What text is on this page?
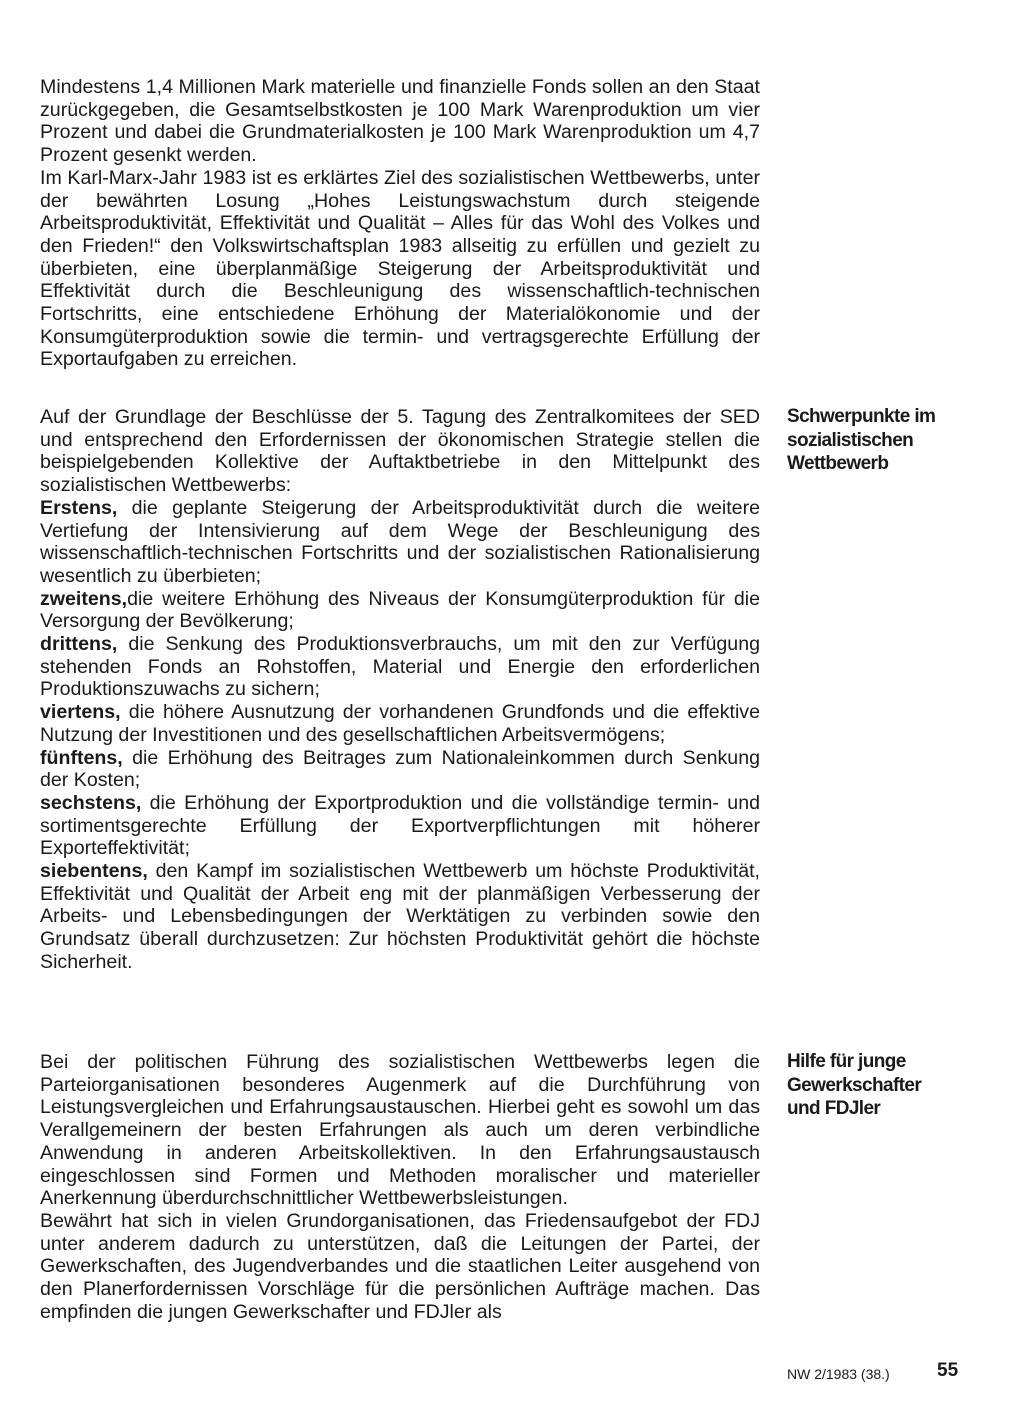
Mindestens 1,4 Millionen Mark materielle und finanzielle Fonds sollen an den Staat zurückgegeben, die Gesamtselbstkosten je 100 Mark Warenproduktion um vier Prozent und dabei die Grundmaterialkosten je 100 Mark Warenproduktion um 4,7 Prozent gesenkt werden.

Im Karl-Marx-Jahr 1983 ist es erklärtes Ziel des sozialistischen Wettbewerbs, unter der bewährten Losung „Hohes Leistungswachstum durch steigende Arbeitsproduktivität, Effektivität und Qualität – Alles für das Wohl des Volkes und den Frieden!“ den Volkswirtschaftsplan 1983 allseitig zu erfüllen und gezielt zu überbieten, eine überplanmäßige Steigerung der Arbeitsproduktivität und Effektivität durch die Beschleunigung des wissenschaftlich-technischen Fortschritts, eine entschiedene Erhöhung der Materialökonomie und der Konsumgüterproduktion sowie die termin- und vertragsgerechte Erfüllung der Exportaufgaben zu erreichen.

Auf der Grundlage der Beschlüsse der 5. Tagung des Zentralkomitees der SED und entsprechend den Erfordernissen der ökonomischen Strategie stellen die beispielgebenden Kollektive der Auftaktbetriebe in den Mittelpunkt des sozialistischen Wettbewerbs:

Erstens, die geplante Steigerung der Arbeitsproduktivität durch die weitere Vertiefung der Intensivierung auf dem Wege der Beschleunigung des wissenschaftlich-technischen Fortschritts und der sozialistischen Rationalisierung wesentlich zu überbieten;

zweitens,die weitere Erhöhung des Niveaus der Konsumgüterproduktion für die Versorgung der Bevölkerung;

drittens, die Senkung des Produktionsverbrauchs, um mit den zur Verfügung stehenden Fonds an Rohstoffen, Material und Energie den erforderlichen Produktionszuwachs zu sichern;

viertens, die höhere Ausnutzung der vorhandenen Grundfonds und die effektive Nutzung der Investitionen und des gesellschaftlichen Arbeitsvermögens;

fünftens, die Erhöhung des Beitrages zum Nationaleinkommen durch Senkung der Kosten;

sechstens, die Erhöhung der Exportproduktion und die vollständige termin- und sortimentsgerechte Erfüllung der Exportverpflichtungen mit höherer Exporteffektivität;

siebentens, den Kampf im sozialistischen Wettbewerb um höchste Produktivität, Effektivität und Qualität der Arbeit eng mit der planmäßigen Verbesserung der Arbeits- und Lebensbedingungen der Werktätigen zu verbinden sowie den Grundsatz überall durchzusetzen: Zur höchsten Produktivität gehört die höchste Sicherheit.

Bei der politischen Führung des sozialistischen Wettbewerbs legen die Parteiorganisationen besonderes Augenmerk auf die Durchführung von Leistungsvergleichen und Erfahrungsaustauschen. Hierbei geht es sowohl um das Verallgemeinern der besten Erfahrungen als auch um deren verbindliche Anwendung in anderen Arbeitskollektiven. In den Erfahrungsaustausch eingeschlossen sind Formen und Methoden moralischer und materieller Anerkennung überdurchschnittlicher Wettbewerbsleistungen.

Bewährt hat sich in vielen Grundorganisationen, das Friedensaufgebot der FDJ unter anderem dadurch zu unterstützen, daß die Leitungen der Partei, der Gewerkschaften, des Jugendverbandes und die staatlichen Leiter ausgehend von den Planerfordernissen Vorschläge für die persönlichen Aufträge machen. Das empfinden die jungen Gewerkschafter und FDJler als

Schwerpunkte im
sozialistischen
Wettbewerb
Hilfe für junge
Gewerkschafter
und FDJler
NW 2/1983 (38.) 55
